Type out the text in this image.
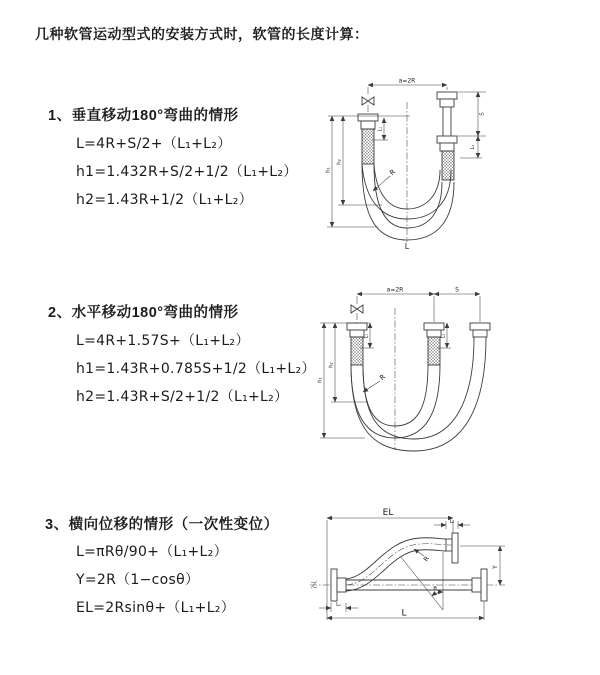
几种软管运动型式的安装方式时，软管的长度计算：
1、垂直移动180°弯曲的情形
L=4R+S/2+（L₁+L₂）
h1=1.432R+S/2+1/2（L₁+L₂）
h2=1.43R+1/2（L₁+L₂）
2、水平移动180°弯曲的情形
L=4R+1.57S+（L₁+L₂）
h1=1.43R+0.785S+1/2（L₁+L₂）
h2=1.43R+S/2+1/2（L₁+L₂）
3、横向位移的情形（一次性变位）
L=πRθ/90+（L₁+L₂）
Y=2R（1−cosθ）
EL=2Rsinθ+（L₁+L₂）
a=2R
h₁
h₂
L₁
S
L₂
R
L
a=2R	S
h₁
h₂
L₁	L₂
R
EL
L₂
Y
θ
R
L
L₁
